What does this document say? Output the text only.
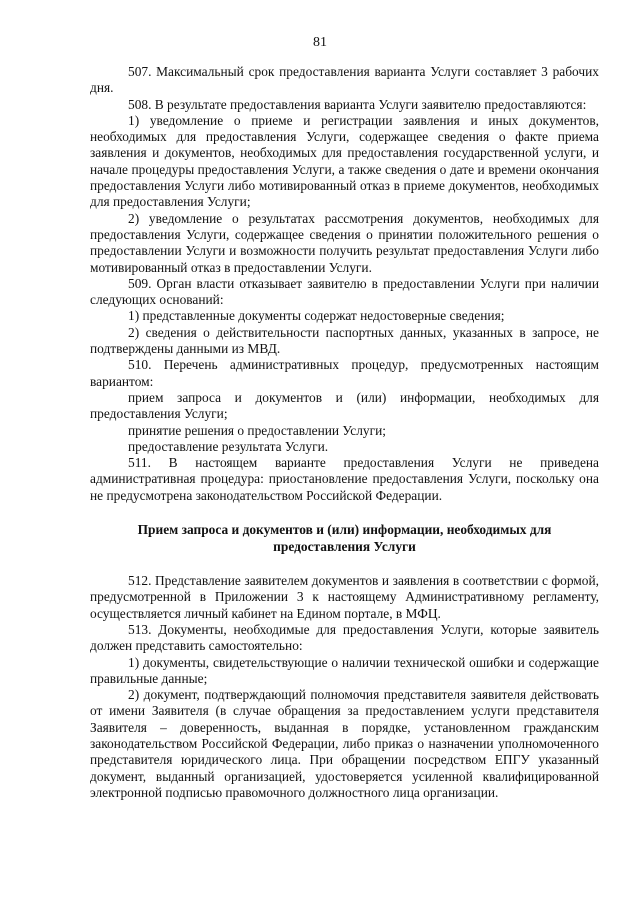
81

507. Максимальный срок предоставления варианта Услуги составляет 3 рабочих дня.

508. В результате предоставления варианта Услуги заявителю предоставляются:

1) уведомление о приеме и регистрации заявления и иных документов, необходимых для предоставления Услуги, содержащее сведения о факте приема заявления и документов, необходимых для предоставления государственной услуги, и начале процедуры предоставления Услуги, а также сведения о дате и времени окончания предоставления Услуги либо мотивированный отказ в приеме документов, необходимых для предоставления Услуги;

2) уведомление о результатах рассмотрения документов, необходимых для предоставления Услуги, содержащее сведения о принятии положительного решения о предоставлении Услуги и возможности получить результат предоставления Услуги либо мотивированный отказ в предоставлении Услуги.

509. Орган власти отказывает заявителю в предоставлении Услуги при наличии следующих оснований:

1) представленные документы содержат недостоверные сведения;

2) сведения о действительности паспортных данных, указанных в запросе, не подтверждены данными из МВД.

510. Перечень административных процедур, предусмотренных настоящим вариантом:

прием запроса и документов и (или) информации, необходимых для предоставления Услуги;

принятие решения о предоставлении Услуги;

предоставление результата Услуги.

511. В настоящем варианте предоставления Услуги не приведена административная процедура: приостановление предоставления Услуги, поскольку она не предусмотрена законодательством Российской Федерации.

Прием запроса и документов и (или) информации, необходимых для предоставления Услуги

512. Представление заявителем документов и заявления в соответствии с формой, предусмотренной в Приложении 3 к настоящему Административному регламенту, осуществляется личный кабинет на Едином портале, в МФЦ.

513. Документы, необходимые для предоставления Услуги, которые заявитель должен представить самостоятельно:

1) документы, свидетельствующие о наличии технической ошибки и содержащие правильные данные;

2) документ, подтверждающий полномочия представителя заявителя действовать от имени Заявителя (в случае обращения за предоставлением услуги представителя Заявителя – доверенность, выданная в порядке, установленном гражданским законодательством Российской Федерации, либо приказ о назначении уполномоченного представителя юридического лица. При обращении посредством ЕПГУ указанный документ, выданный организацией, удостоверяется усиленной квалифицированной электронной подписью правомочного должностного лица организации.
